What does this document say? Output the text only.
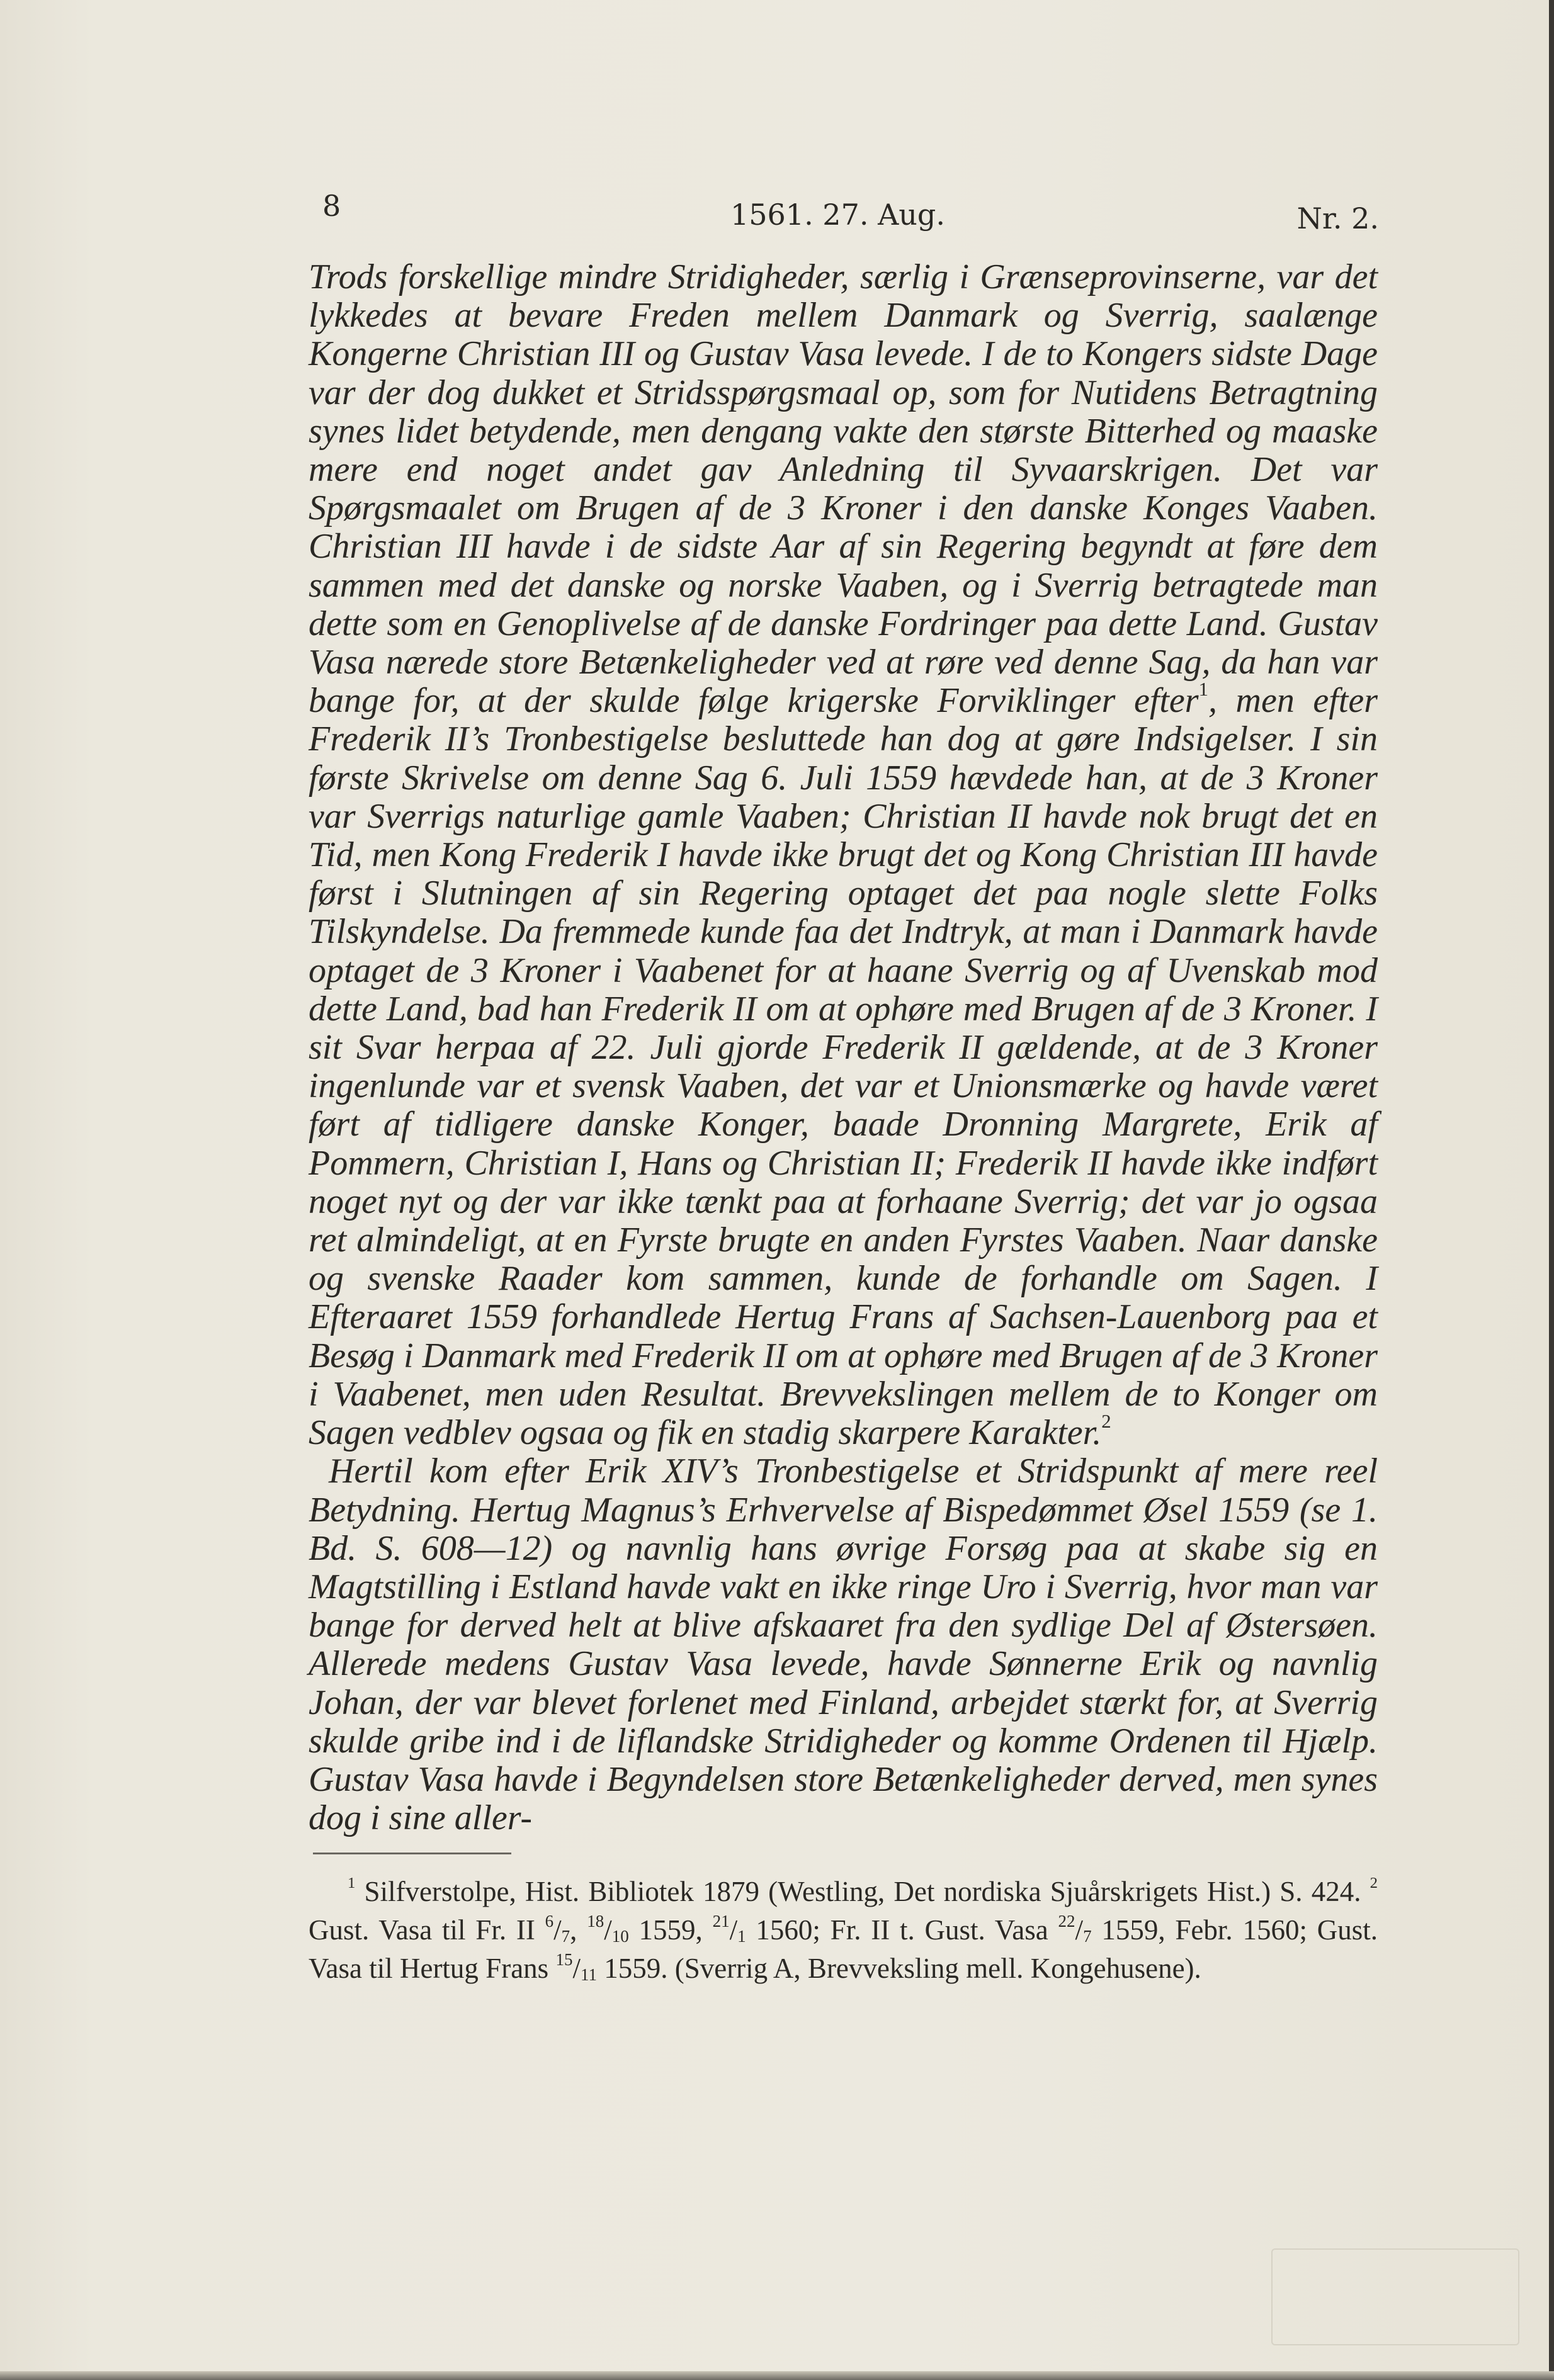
8	1561. 27. Aug.	Nr. 2.

Trods forskellige mindre Stridigheder, særlig i Grænseprovinserne, var det lykkedes at bevare Freden mellem Danmark og Sverrig, saalænge Kongerne Christian III og Gustav Vasa levede. I de to Kongers sidste Dage var der dog dukket et Stridsspørgsmaal op, som for Nutidens Betragtning synes lidet betydende, men dengang vakte den største Bitterhed og maaske mere end noget andet gav Anledning til Syvaarskrigen. Det var Spørgsmaalet om Brugen af de 3 Kroner i den danske Konges Vaaben. Christian III havde i de sidste Aar af sin Regering begyndt at føre dem sammen med det danske og norske Vaaben, og i Sverrig betragtede man dette som en Genoplivelse af de danske Fordringer paa dette Land. Gustav Vasa nærede store Betænkeligheder ved at røre ved denne Sag, da han var bange for, at der skulde følge krigerske Forviklinger efter$^1$, men efter Frederik II’s Tronbestigelse besluttede han dog at gøre Indsigelser. I sin første Skrivelse om denne Sag 6. Juli 1559 hævdede han, at de 3 Kroner var Sverrigs naturlige gamle Vaaben; Christian II havde nok brugt det en Tid, men Kong Frederik I havde ikke brugt det og Kong Christian III havde først i Slutningen af sin Regering optaget det paa nogle slette Folks Tilskyndelse. Da fremmede kunde faa det Indtryk, at man i Danmark havde optaget de 3 Kroner i Vaabenet for at haane Sverrig og af Uvenskab mod dette Land, bad han Frederik II om at ophøre med Brugen af de 3 Kroner. I sit Svar herpaa af 22. Juli gjorde Frederik II gældende, at de 3 Kroner ingenlunde var et svensk Vaaben, det var et Unionsmærke og havde været ført af tidligere danske Konger, baade Dronning Margrete, Erik af Pommern, Christian I, Hans og Christian II; Frederik II havde ikke indført noget nyt og der var ikke tænkt paa at forhaane Sverrig; det var jo ogsaa ret almindeligt, at en Fyrste brugte en anden Fyrstes Vaaben. Naar danske og svenske Raader kom sammen, kunde de forhandle om Sagen. I Efteraaret 1559 forhandlede Hertug Frans af Sachsen-Lauenborg paa et Besøg i Danmark med Frederik II om at ophøre med Brugen af de 3 Kroner i Vaabenet, men uden Resultat. Brevvekslingen mellem de to Konger om Sagen vedblev ogsaa og fik en stadig skarpere Karakter.$^2$

Hertil kom efter Erik XIV’s Tronbestigelse et Stridspunkt af mere reel Betydning. Hertug Magnus’s Erhvervelse af Bispedømmet Øsel 1559 (se 1. Bd. S. 608—12) og navnlig hans øvrige Forsøg paa at skabe sig en Magtstilling i Estland havde vakt en ikke ringe Uro i Sverrig, hvor man var bange for derved helt at blive afskaaret fra den sydlige Del af Østersøen. Allerede medens Gustav Vasa levede, havde Sønnerne Erik og navnlig Johan, der var blevet forlenet med Finland, arbejdet stærkt for, at Sverrig skulde gribe ind i de liflandske Stridigheder og komme Ordenen til Hjælp. Gustav Vasa havde i Begyndelsen store Betænkeligheder derved, men synes dog i sine aller-

$^1$ Silfverstolpe, Hist. Bibliotek 1879 (Westling, Det nordiska Sjuårskrigets Hist.) S. 424. $^2$ Gust. Vasa til Fr. II $^6/_7$, $^{18}/_{10}$ 1559, $^{21}/_1$ 1560; Fr. II t. Gust. Vasa $^{22}/_7$ 1559, Febr. 1560; Gust. Vasa til Hertug Frans $^{15}/_{11}$ 1559. (Sverrig A, Brevveksling mell. Kongehusene).
